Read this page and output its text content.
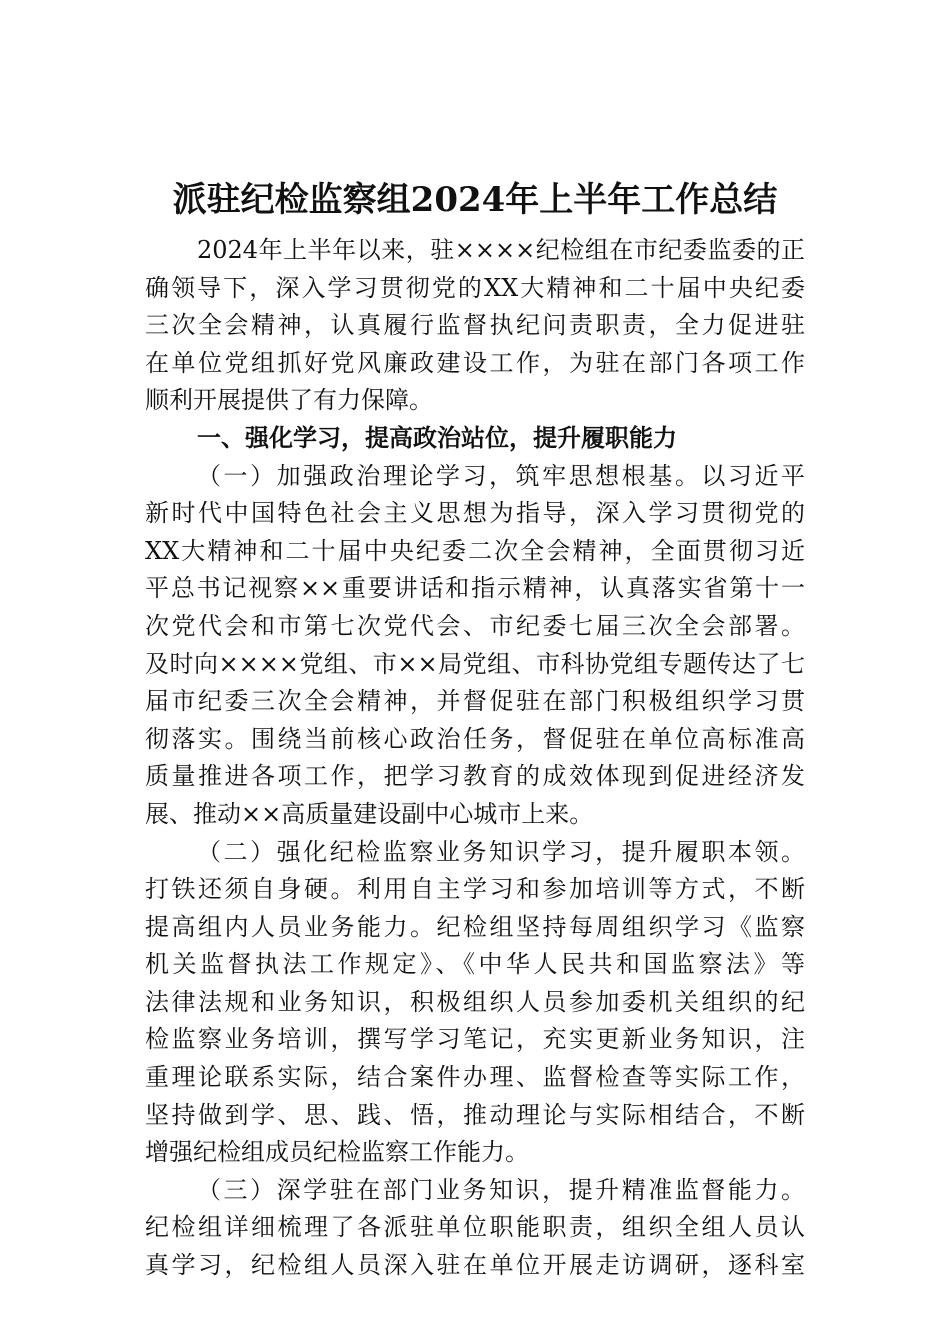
派驻纪检监察组2024年上半年工作总结
2024年上半年以来，驻××××纪检组在市纪委监委的正
确领导下，深入学习贯彻党的XX大精神和二十届中央纪委
三次全会精神，认真履行监督执纪问责职责，全力促进驻
在单位党组抓好党风廉政建设工作，为驻在部门各项工作
顺利开展提供了有力保障。
一、强化学习，提高政治站位，提升履职能力
（一）加强政治理论学习，筑牢思想根基。以习近平
新时代中国特色社会主义思想为指导，深入学习贯彻党的
XX大精神和二十届中央纪委二次全会精神，全面贯彻习近
平总书记视察××重要讲话和指示精神，认真落实省第十一
次党代会和市第七次党代会、市纪委七届三次全会部署。
及时向××××党组、市××局党组、市科协党组专题传达了七
届市纪委三次全会精神，并督促驻在部门积极组织学习贯
彻落实。围绕当前核心政治任务，督促驻在单位高标准高
质量推进各项工作，把学习教育的成效体现到促进经济发
展、推动××高质量建设副中心城市上来。
（二）强化纪检监察业务知识学习，提升履职本领。
打铁还须自身硬。利用自主学习和参加培训等方式，不断
提高组内人员业务能力。纪检组坚持每周组织学习《监察
机关监督执法工作规定》、《中华人民共和国监察法》等
法律法规和业务知识，积极组织人员参加委机关组织的纪
检监察业务培训，撰写学习笔记，充实更新业务知识，注
重理论联系实际，结合案件办理、监督检查等实际工作，
坚持做到学、思、践、悟，推动理论与实际相结合，不断
增强纪检组成员纪检监察工作能力。
（三）深学驻在部门业务知识，提升精准监督能力。
纪检组详细梳理了各派驻单位职能职责，组织全组人员认
真学习，纪检组人员深入驻在单位开展走访调研，逐科室
